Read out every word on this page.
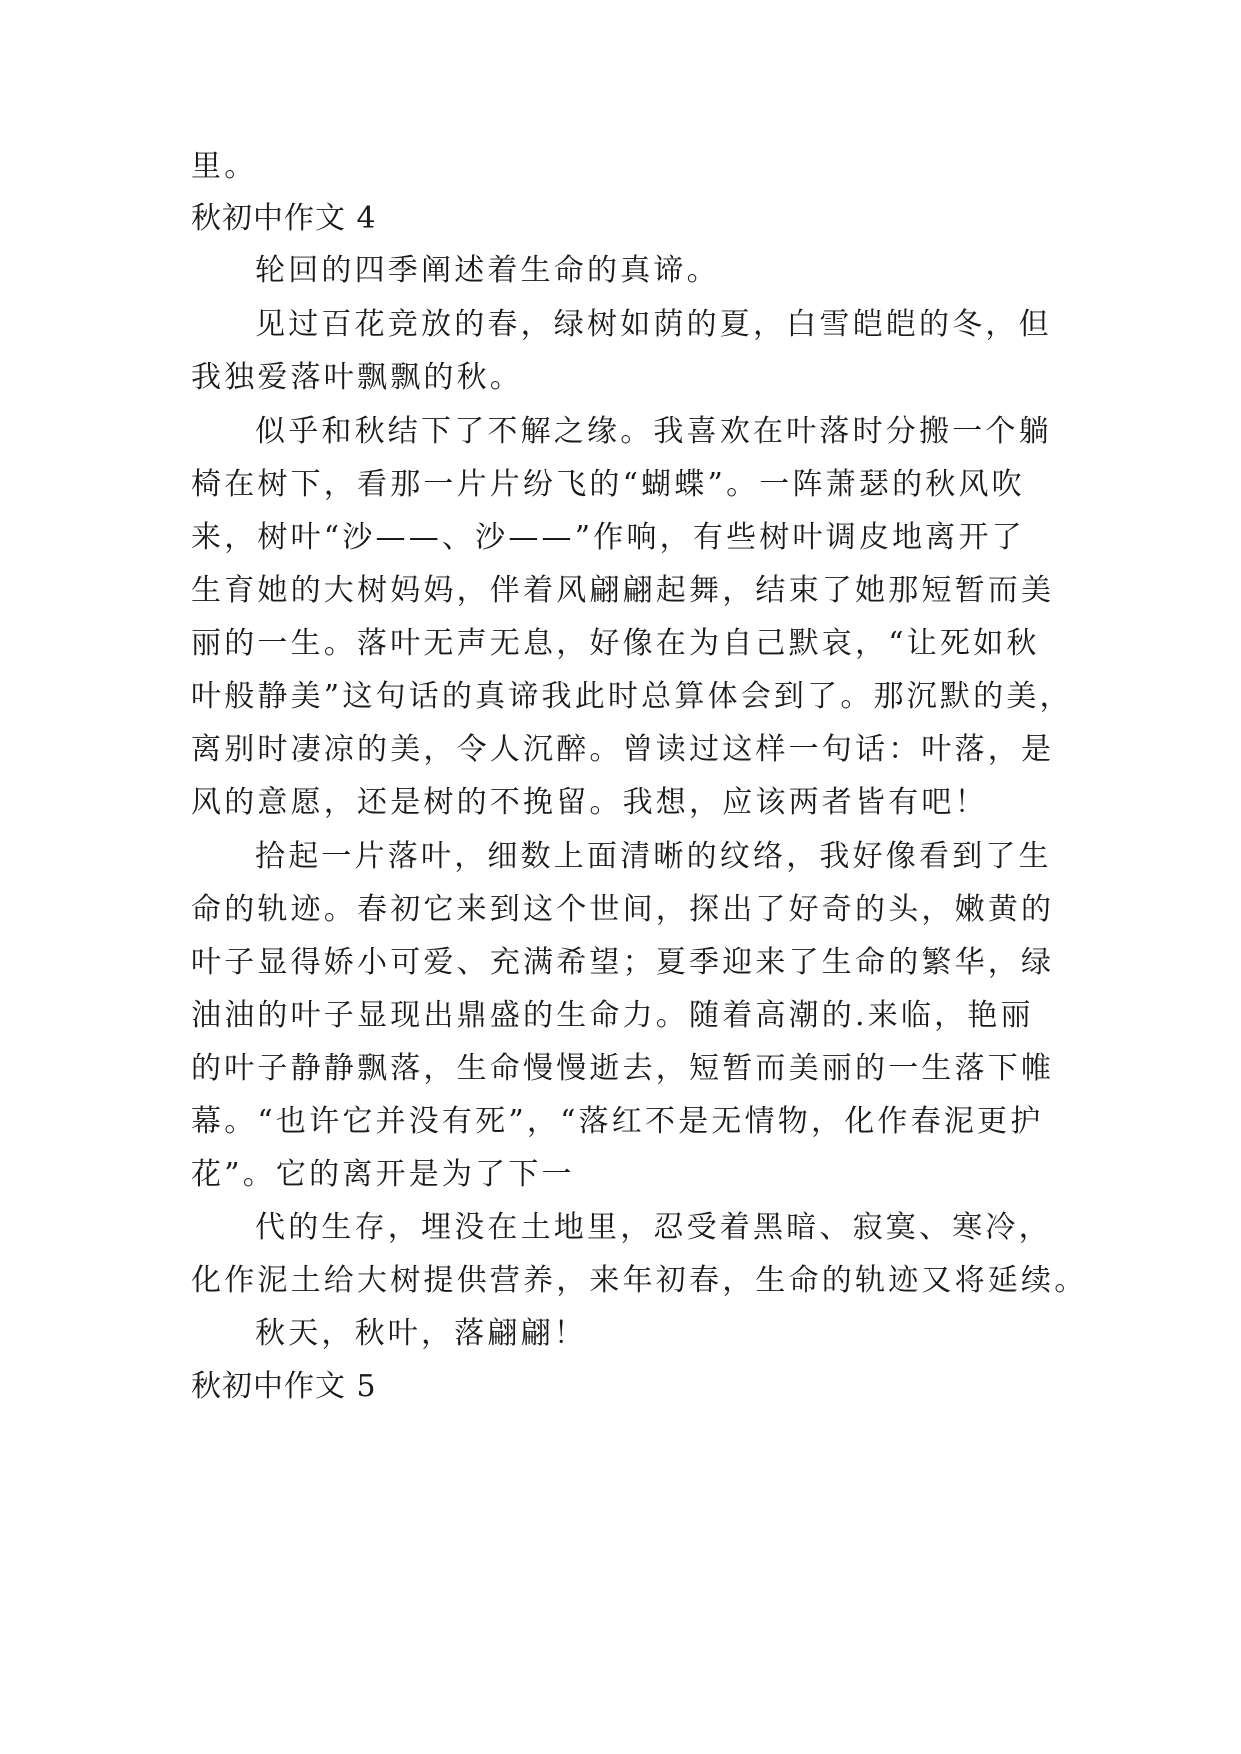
里。
秋初中作文 4
轮回的四季阐述着生命的真谛。
见过百花竞放的春，绿树如荫的夏，白雪皑皑的冬，但
我独爱落叶飘飘的秋。
似乎和秋结下了不解之缘。我喜欢在叶落时分搬一个躺
椅在树下，看那一片片纷飞的“蝴蝶”。一阵萧瑟的秋风吹
来，树叶“沙——、沙——”作响，有些树叶调皮地离开了
生育她的大树妈妈，伴着风翩翩起舞，结束了她那短暂而美
丽的一生。落叶无声无息，好像在为自己默哀，“让死如秋
叶般静美”这句话的真谛我此时总算体会到了。那沉默的美，
离别时凄凉的美，令人沉醉。曾读过这样一句话：叶落，是
风的意愿，还是树的不挽留。我想，应该两者皆有吧！
拾起一片落叶，细数上面清晰的纹络，我好像看到了生
命的轨迹。春初它来到这个世间，探出了好奇的头，嫩黄的
叶子显得娇小可爱、充满希望；夏季迎来了生命的繁华，绿
油油的叶子显现出鼎盛的生命力。随着高潮的.来临，艳丽
的叶子静静飘落，生命慢慢逝去，短暂而美丽的一生落下帷
幕。“也许它并没有死”，“落红不是无情物，化作春泥更护
花”。它的离开是为了下一
代的生存，埋没在土地里，忍受着黑暗、寂寞、寒冷，
化作泥土给大树提供营养，来年初春，生命的轨迹又将延续。
秋天，秋叶，落翩翩！
秋初中作文 5
